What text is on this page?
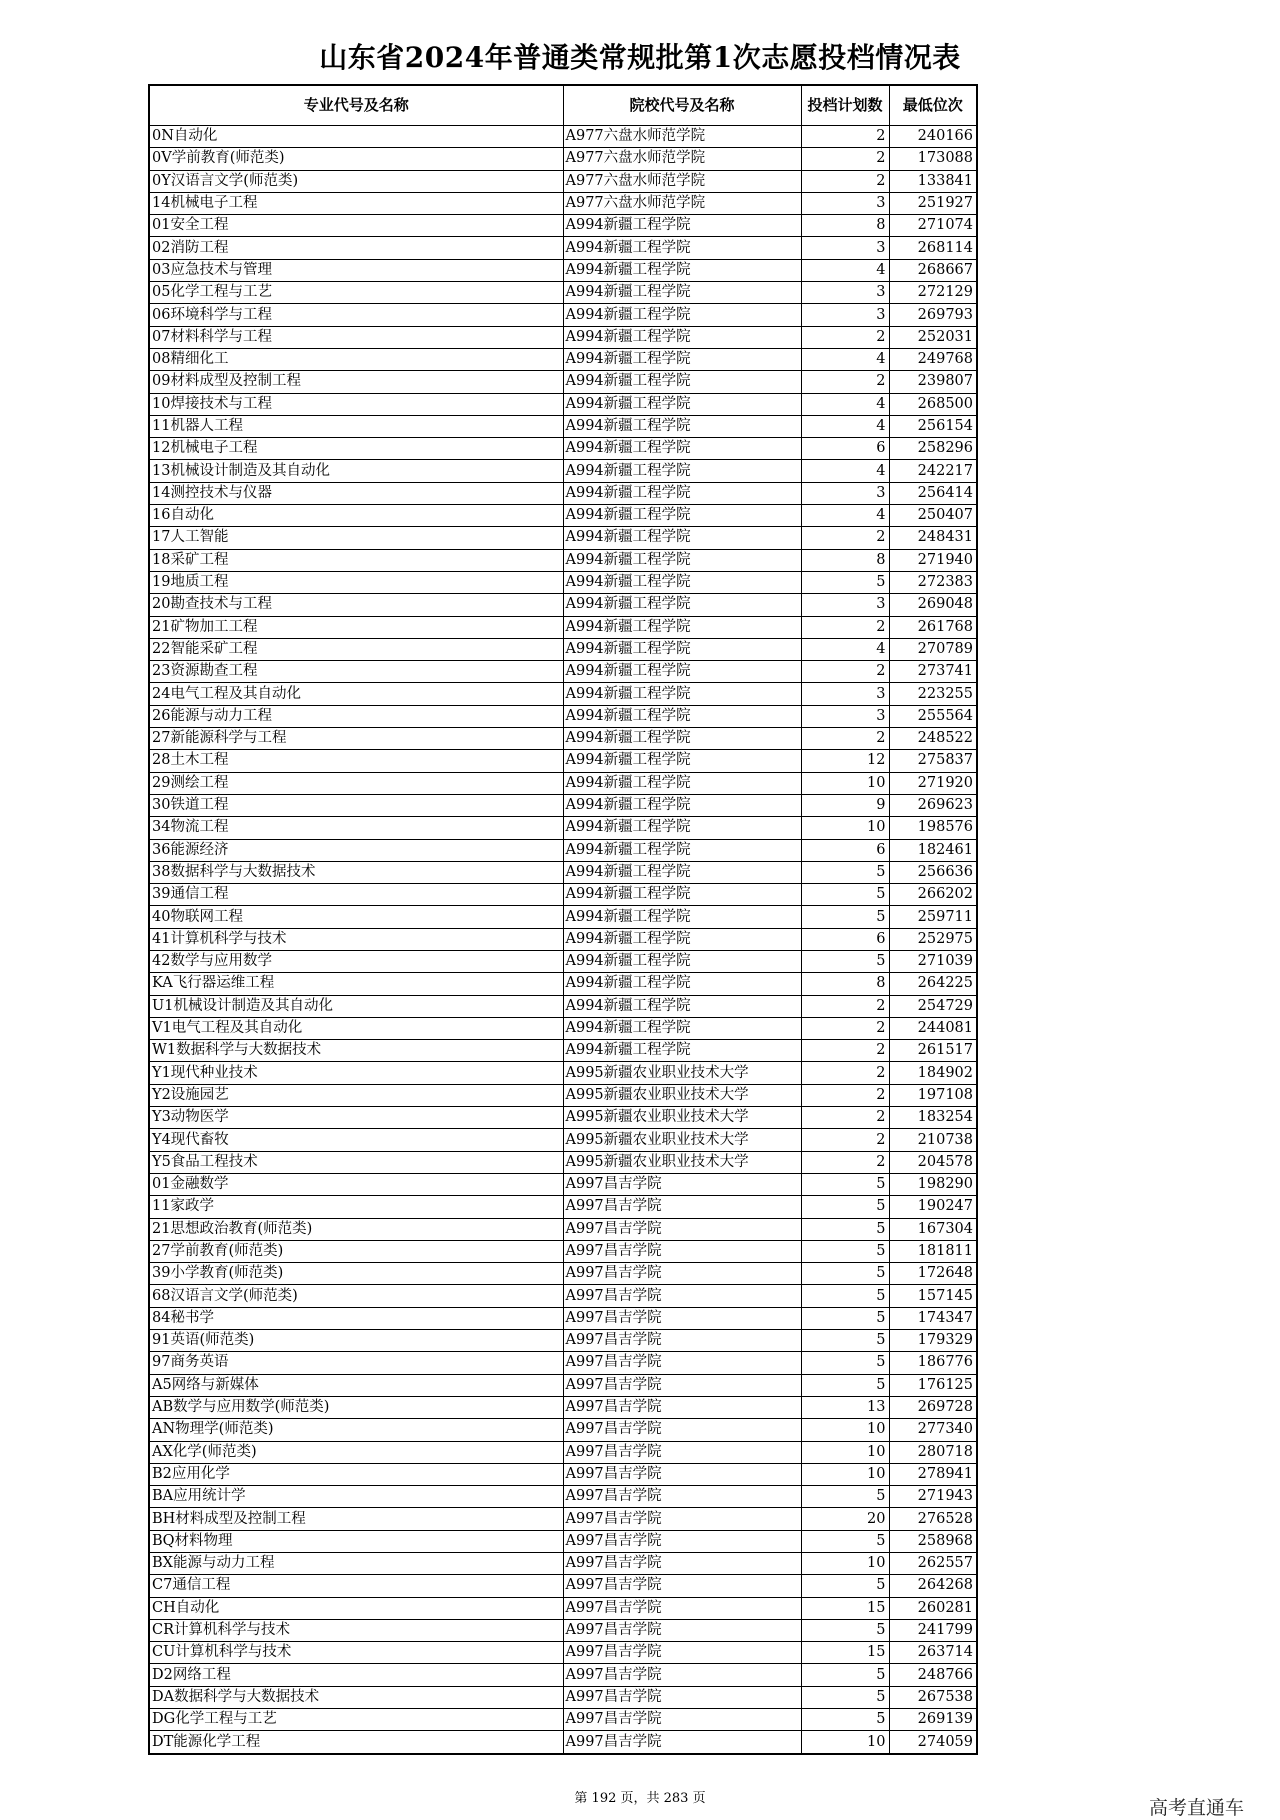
山东省2024年普通类常规批第1次志愿投档情况表
专业代号及名称	院校代号及名称	投档计划数	最低位次
0N自动化	A977六盘水师范学院	2	240166
0V学前教育(师范类)	A977六盘水师范学院	2	173088
0Y汉语言文学(师范类)	A977六盘水师范学院	2	133841
14机械电子工程	A977六盘水师范学院	3	251927
01安全工程	A994新疆工程学院	8	271074
02消防工程	A994新疆工程学院	3	268114
03应急技术与管理	A994新疆工程学院	4	268667
05化学工程与工艺	A994新疆工程学院	3	272129
06环境科学与工程	A994新疆工程学院	3	269793
07材料科学与工程	A994新疆工程学院	2	252031
08精细化工	A994新疆工程学院	4	249768
09材料成型及控制工程	A994新疆工程学院	2	239807
10焊接技术与工程	A994新疆工程学院	4	268500
11机器人工程	A994新疆工程学院	4	256154
12机械电子工程	A994新疆工程学院	6	258296
13机械设计制造及其自动化	A994新疆工程学院	4	242217
14测控技术与仪器	A994新疆工程学院	3	256414
16自动化	A994新疆工程学院	4	250407
17人工智能	A994新疆工程学院	2	248431
18采矿工程	A994新疆工程学院	8	271940
19地质工程	A994新疆工程学院	5	272383
20勘查技术与工程	A994新疆工程学院	3	269048
21矿物加工工程	A994新疆工程学院	2	261768
22智能采矿工程	A994新疆工程学院	4	270789
23资源勘查工程	A994新疆工程学院	2	273741
24电气工程及其自动化	A994新疆工程学院	3	223255
26能源与动力工程	A994新疆工程学院	3	255564
27新能源科学与工程	A994新疆工程学院	2	248522
28土木工程	A994新疆工程学院	12	275837
29测绘工程	A994新疆工程学院	10	271920
30铁道工程	A994新疆工程学院	9	269623
34物流工程	A994新疆工程学院	10	198576
36能源经济	A994新疆工程学院	6	182461
38数据科学与大数据技术	A994新疆工程学院	5	256636
39通信工程	A994新疆工程学院	5	266202
40物联网工程	A994新疆工程学院	5	259711
41计算机科学与技术	A994新疆工程学院	6	252975
42数学与应用数学	A994新疆工程学院	5	271039
KA飞行器运维工程	A994新疆工程学院	8	264225
U1机械设计制造及其自动化	A994新疆工程学院	2	254729
V1电气工程及其自动化	A994新疆工程学院	2	244081
W1数据科学与大数据技术	A994新疆工程学院	2	261517
Y1现代种业技术	A995新疆农业职业技术大学	2	184902
Y2设施园艺	A995新疆农业职业技术大学	2	197108
Y3动物医学	A995新疆农业职业技术大学	2	183254
Y4现代畜牧	A995新疆农业职业技术大学	2	210738
Y5食品工程技术	A995新疆农业职业技术大学	2	204578
01金融数学	A997昌吉学院	5	198290
11家政学	A997昌吉学院	5	190247
21思想政治教育(师范类)	A997昌吉学院	5	167304
27学前教育(师范类)	A997昌吉学院	5	181811
39小学教育(师范类)	A997昌吉学院	5	172648
68汉语言文学(师范类)	A997昌吉学院	5	157145
84秘书学	A997昌吉学院	5	174347
91英语(师范类)	A997昌吉学院	5	179329
97商务英语	A997昌吉学院	5	186776
A5网络与新媒体	A997昌吉学院	5	176125
AB数学与应用数学(师范类)	A997昌吉学院	13	269728
AN物理学(师范类)	A997昌吉学院	10	277340
AX化学(师范类)	A997昌吉学院	10	280718
B2应用化学	A997昌吉学院	10	278941
BA应用统计学	A997昌吉学院	5	271943
BH材料成型及控制工程	A997昌吉学院	20	276528
BQ材料物理	A997昌吉学院	5	258968
BX能源与动力工程	A997昌吉学院	10	262557
C7通信工程	A997昌吉学院	5	264268
CH自动化	A997昌吉学院	15	260281
CR计算机科学与技术	A997昌吉学院	5	241799
CU计算机科学与技术	A997昌吉学院	15	263714
D2网络工程	A997昌吉学院	5	248766
DA数据科学与大数据技术	A997昌吉学院	5	267538
DG化学工程与工艺	A997昌吉学院	5	269139
DT能源化学工程	A997昌吉学院	10	274059
第 192 页，共 283 页	高考直通车
